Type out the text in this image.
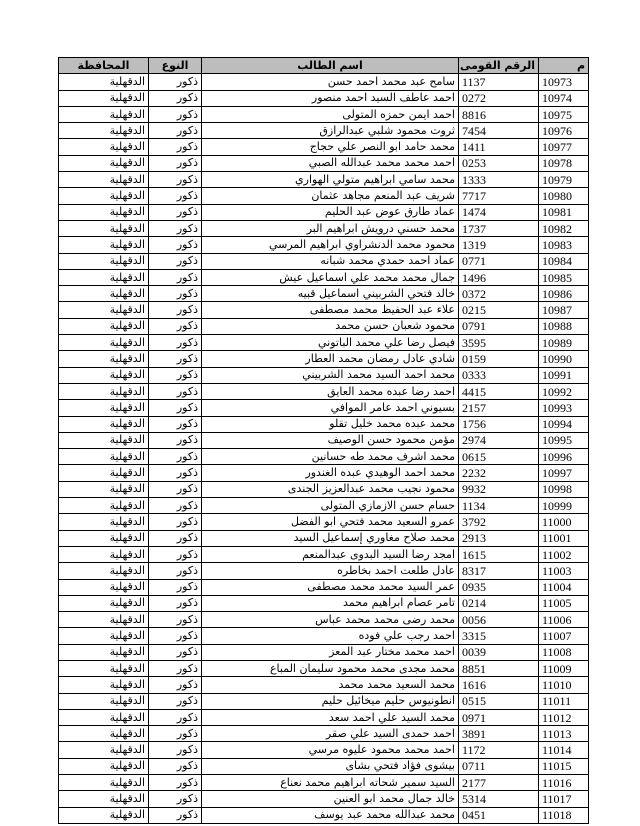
م	الرقم القومى	اسم الطالب	النوع	المحافظة
10973	1137	سامح عبد محمد احمد حسن	ذكور	الدقهلية
10974	0272	احمد عاطف السيد احمد منصور	ذكور	الدقهلية
10975	8816	احمد ايمن حمزه المتولى	ذكور	الدقهلية
10976	7454	ثروت محمود شلبي عبدالرازق	ذكور	الدقهلية
10977	1411	محمد حامد ابو النصر علي حجاج	ذكور	الدقهلية
10978	0253	احمد محمد محمد عبدالله الصبي	ذكور	الدقهلية
10979	1333	محمد سامي ابراهيم متولي الهواري	ذكور	الدقهلية
10980	7717	شريف عبد المنعم مجاهد عثمان	ذكور	الدقهلية
10981	1474	عماد طارق عوض عبد الحليم	ذكور	الدقهلية
10982	1737	محمد حسني درويش ابراهيم البر	ذكور	الدقهلية
10983	1319	محمود محمد الدنشراوي ابراهيم المرسي	ذكور	الدقهلية
10984	0771	عماد احمد حمدي محمد شبانه	ذكور	الدقهلية
10985	1496	جمال محمد محمد علي اسماعيل عيش	ذكور	الدقهلية
10986	0372	خالد فتحي الشربيني اسماعيل قبيه	ذكور	الدقهلية
10987	0215	علاء عبد الحفيظ محمد مصطفى	ذكور	الدقهلية
10988	0791	محمود شعبان حسن محمد	ذكور	الدقهلية
10989	3595	فيصل رضا علي محمد الباتوني	ذكور	الدقهلية
10990	0159	شادي عادل رمضان محمد العطار	ذكور	الدقهلية
10991	0333	محمد احمد السيد محمد الشربيني	ذكور	الدقهلية
10992	4415	احمد رضا عبده محمد العايق	ذكور	الدقهلية
10993	2157	بسيوني احمد عامر الموافي	ذكور	الدقهلية
10994	1756	محمد عبده محمد خليل تقلو	ذكور	الدقهلية
10995	2974	مؤمن محمود حسن الوصيف	ذكور	الدقهلية
10996	0615	محمد اشرف محمد طه حسانين	ذكور	الدقهلية
10997	2232	محمد احمد الوهيدي عبده الغندور	ذكور	الدقهلية
10998	9932	محمود نجيب محمد عبدالعزيز الجندى	ذكور	الدقهلية
10999	1134	حسام حسن الازمازي المتولى	ذكور	الدقهلية
11000	3792	عمرو السعيد محمد فتحي ابو الفضل	ذكور	الدقهلية
11001	2913	محمد صلاح مغاوري إسماعيل السيد	ذكور	الدقهلية
11002	1615	امجد رضا السيد البدوى عبدالمنعم	ذكور	الدقهلية
11003	8317	عادل طلعت احمد بخاطره	ذكور	الدقهلية
11004	0935	عمر السيد محمد محمد مصطفى	ذكور	الدقهلية
11005	0214	تامر عصام ابراهيم محمد	ذكور	الدقهلية
11006	0056	محمد رضى محمد محمد عباس	ذكور	الدقهلية
11007	3315	احمد رجب علي فوده	ذكور	الدقهلية
11008	0039	احمد محمد مختار عبد المعز	ذكور	الدقهلية
11009	8851	محمد مجدى محمد محمود سليمان المباع	ذكور	الدقهلية
11010	1616	محمد السعيد محمد محمد	ذكور	الدقهلية
11011	0515	انطونيوس حليم ميخائيل حليم	ذكور	الدقهلية
11012	0971	محمد السيد علي احمد سعد	ذكور	الدقهلية
11013	3891	احمد حمدى السيد علي صقر	ذكور	الدقهلية
11014	1172	احمد محمد محمود عليوه مرسي	ذكور	الدقهلية
11015	0711	بيشوى فؤاد فتحي بشاى	ذكور	الدقهلية
11016	2177	السيد سمير شحاته ابراهيم محمد نعناع	ذكور	الدقهلية
11017	5314	خالد جمال محمد ابو العنين	ذكور	الدقهلية
11018	0451	محمد عبدالله محمد عبد يوسف	ذكور	الدقهلية
